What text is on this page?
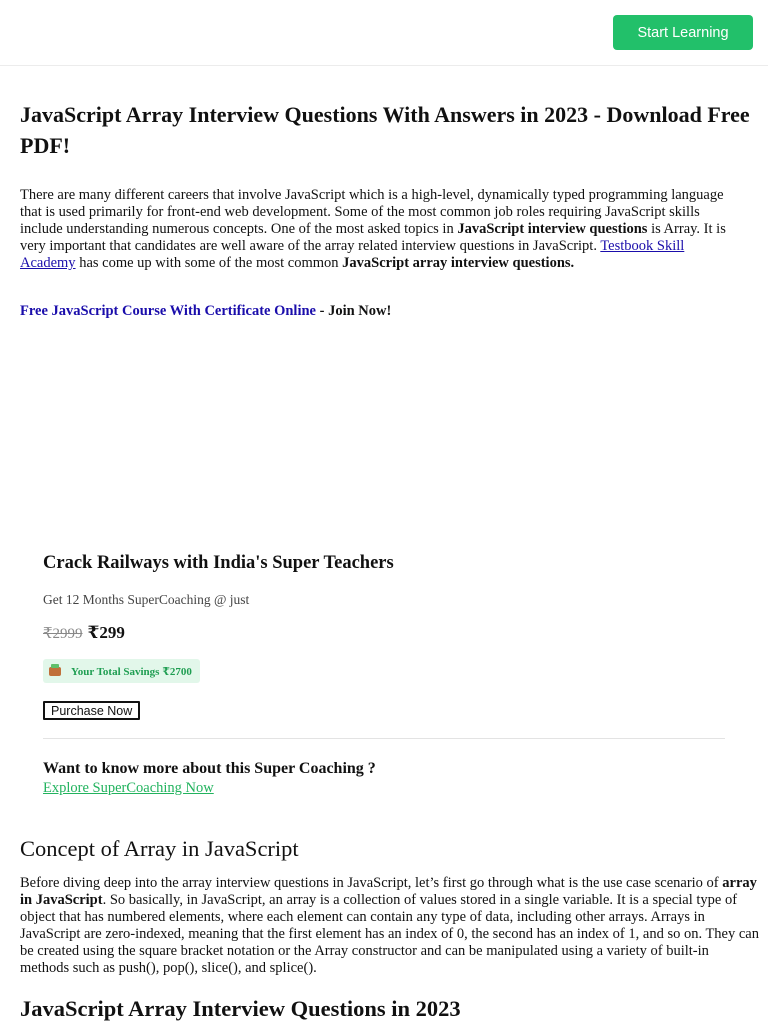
Start Learning
JavaScript Array Interview Questions With Answers in 2023 - Download Free PDF!

There are many different careers that involve JavaScript which is a high-level, dynamically typed programming language that is used primarily for front-end web development. Some of the most common job roles requiring JavaScript skills include understanding numerous concepts. One of the most asked topics in JavaScript interview questions is Array. It is very important that candidates are well aware of the array related interview questions in JavaScript. Testbook Skill Academy has come up with some of the most common JavaScript array interview questions.

Free JavaScript Course With Certificate Online - Join Now!

Crack Railways with India's Super Teachers
Get 12 Months SuperCoaching @ just
₹2999 ₹299
Your Total Savings ₹2700
Purchase Now
Want to know more about this Super Coaching ?
Explore SuperCoaching Now
Concept of Array in JavaScript

Before diving deep into the array interview questions in JavaScript, let’s first go through what is the use case scenario of array in JavaScript. So basically, in JavaScript, an array is a collection of values stored in a single variable. It is a special type of object that has numbered elements, where each element can contain any type of data, including other arrays. Arrays in JavaScript are zero-indexed, meaning that the first element has an index of 0, the second has an index of 1, and so on. They can be created using the square bracket notation or the Array constructor and can be manipulated using a variety of built-in methods such as push(), pop(), slice(), and splice().

JavaScript Array Interview Questions in 2023
